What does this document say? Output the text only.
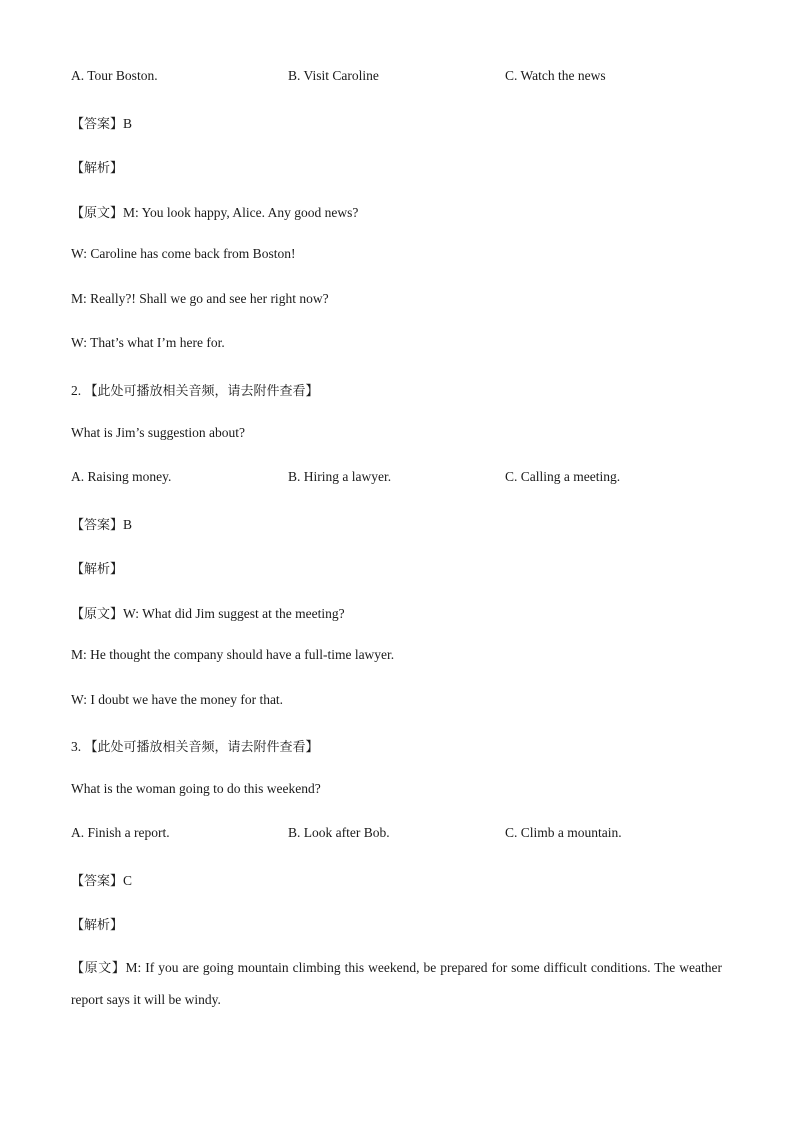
A. Tour Boston.	B. Visit Caroline	C. Watch the news
【答案】B
【解析】
【原文】M: You look happy, Alice. Any good news?
W: Caroline has come back from Boston!
M: Really?! Shall we go and see her right now?
W: That’s what I’m here for.
2. 【此处可播放相关音频，请去附件查看】
What is Jim’s suggestion about?
A. Raising money.	B. Hiring a lawyer.	C. Calling a meeting.
【答案】B
【解析】
【原文】W: What did Jim suggest at the meeting?
M: He thought the company should have a full-time lawyer.
W: I doubt we have the money for that.
3. 【此处可播放相关音频，请去附件查看】
What is the woman going to do this weekend?
A. Finish a report.	B. Look after Bob.	C. Climb a mountain.
【答案】C
【解析】
【原文】M: If you are going mountain climbing this weekend, be prepared for some difficult conditions. The weather report says it will be windy.
